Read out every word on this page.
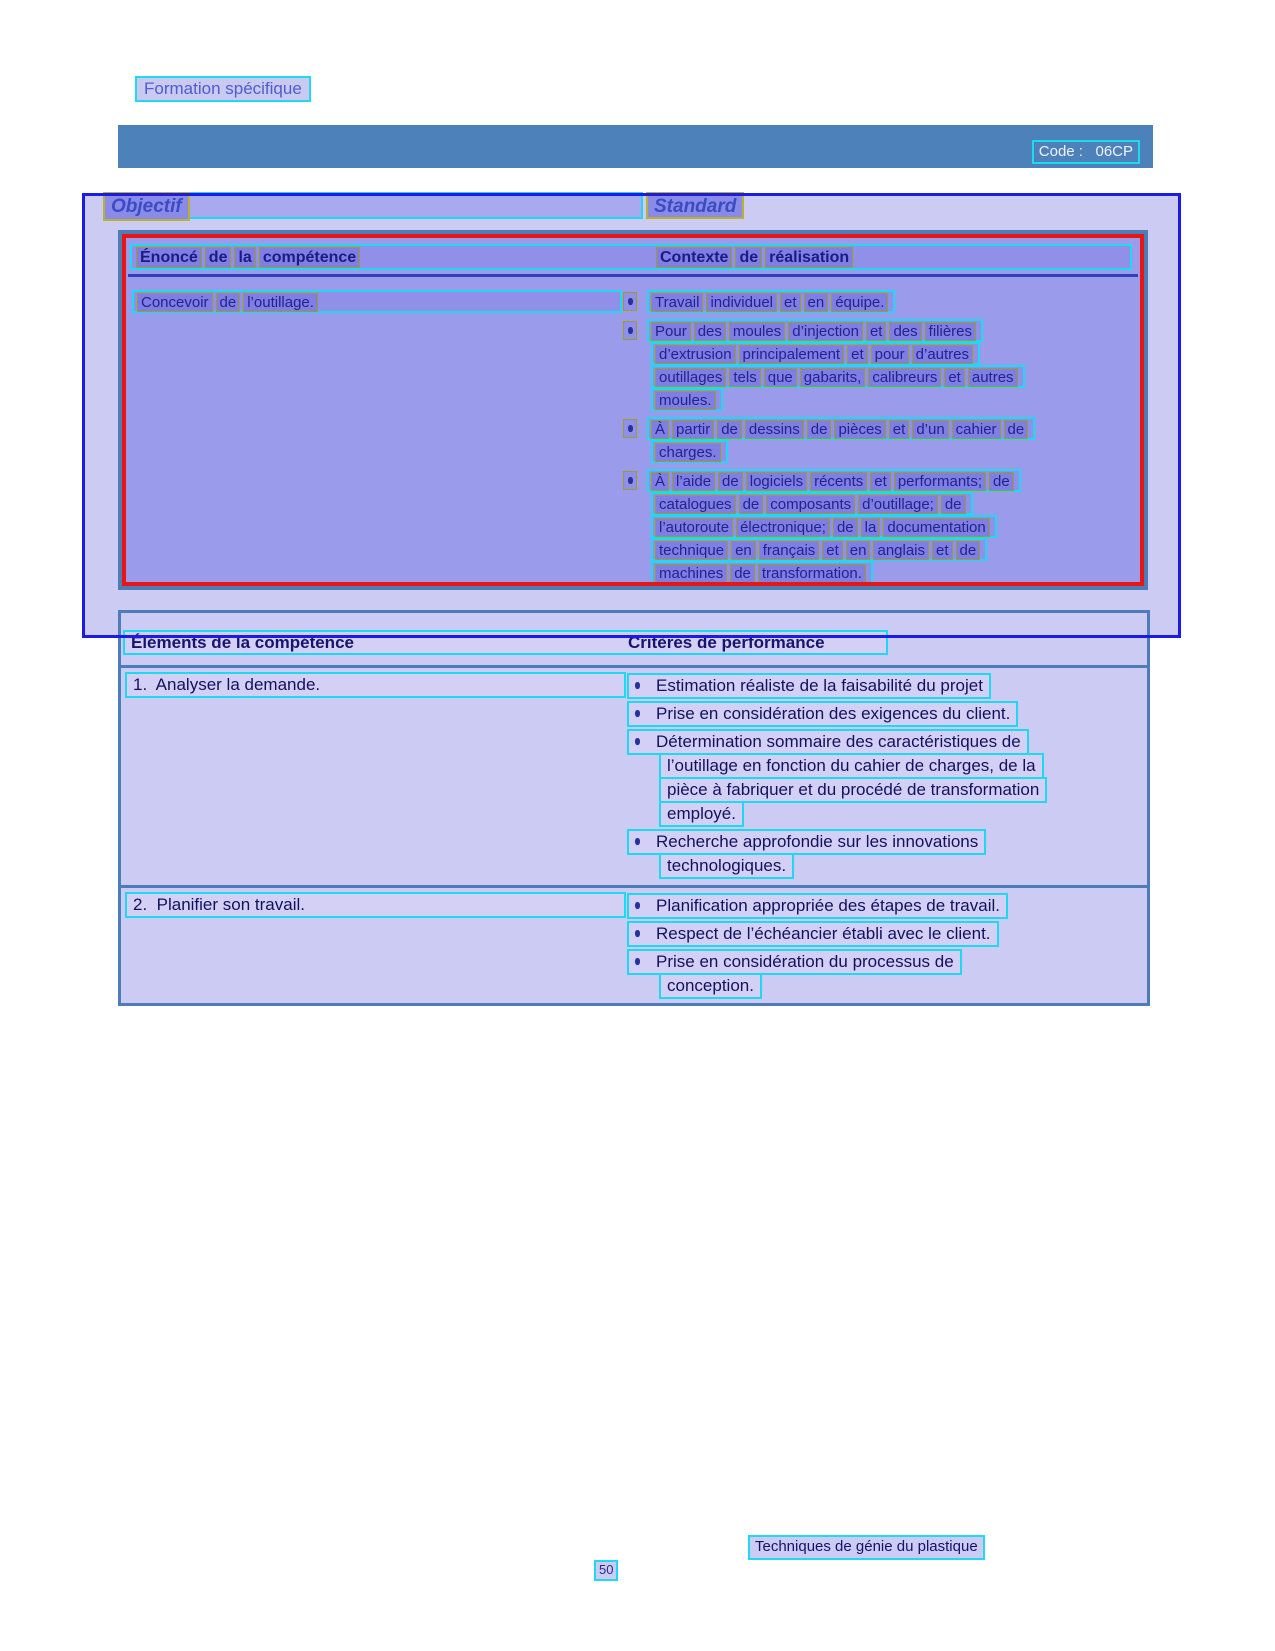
Formation spécifique
Code :   06CP
Objectif	Standard
Énoncé de la compétence	Contexte de réalisation
Concevoir de l’outillage.	Travail individuel et en équipe.
Pour des moules d’injection et des filières
d’extrusion principalement et pour d’autres
outillages tels que gabarits, calibreurs et autres
moules.
À partir de dessins de pièces et d’un cahier de
charges.
À l’aide de logiciels récents et performants; de
catalogues de composants d’outillage; de
l’autoroute électronique; de la documentation
technique en français et en anglais et de
machines de transformation.
Éléments de la compétence	Critères de performance
1.  Analyser la demande.	Estimation réaliste de la faisabilité du projet
Prise en considération des exigences du client.
Détermination sommaire des caractéristiques de
l’outillage en fonction du cahier de charges, de la
pièce à fabriquer et du procédé de transformation
employé.
Recherche approfondie sur les innovations
technologiques.
2.  Planifier son travail.	Planification appropriée des étapes de travail.
Respect de l’échéancier établi avec le client.
Prise en considération du processus de
conception.
Techniques de génie du plastique
50
